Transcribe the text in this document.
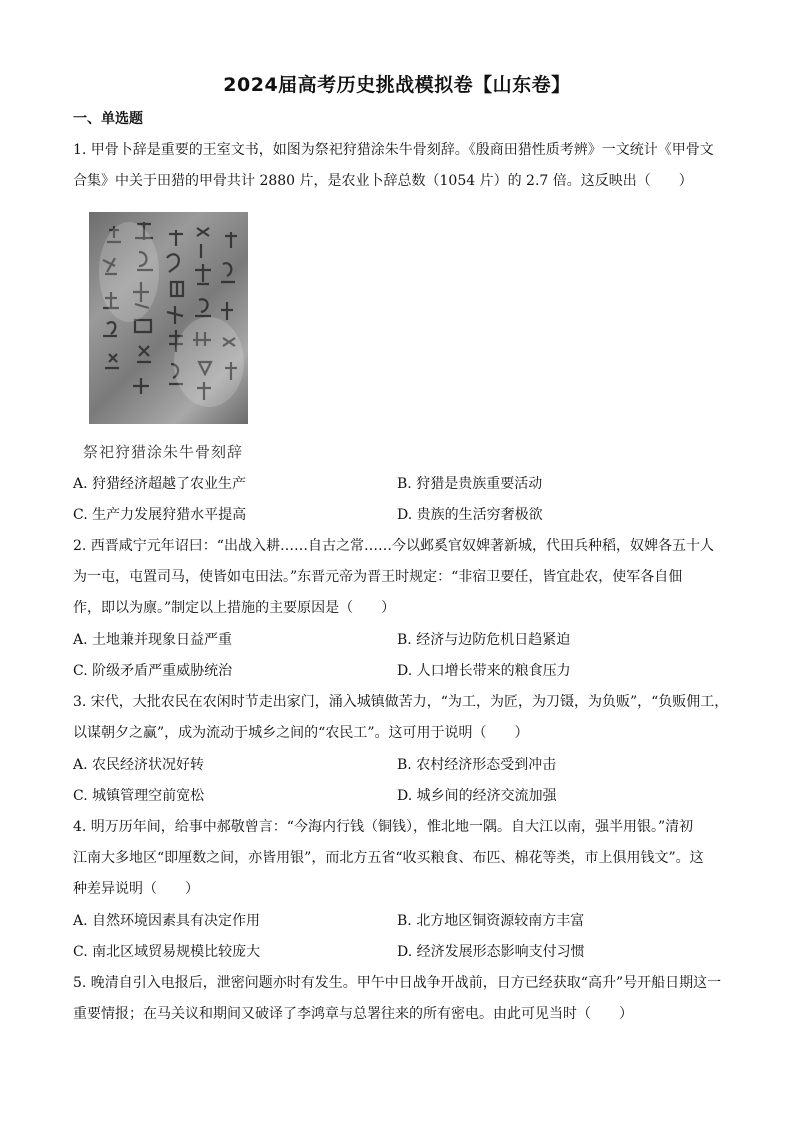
2024届高考历史挑战模拟卷【山东卷】
一、单选题
1. 甲骨卜辞是重要的王室文书，如图为祭祀狩猎涂朱牛骨刻辞。《殷商田猎性质考辨》一文统计《甲骨文
合集》中关于田猎的甲骨共计 2880 片，是农业卜辞总数（1054 片）的 2.7 倍。这反映出（　　）
祭祀狩猎涂朱牛骨刻辞
A. 狩猎经济超越了农业生产	B. 狩猎是贵族重要活动
C. 生产力发展狩猎水平提高	D. 贵族的生活穷奢极欲
2. 西晋咸宁元年诏曰：“出战入耕……自古之常……今以邺奚官奴婢著新城，代田兵种稻，奴婢各五十人
为一屯，屯置司马，使皆如屯田法。”东晋元帝为晋王时规定：“非宿卫要任，皆宜赴农，使军各自佃
作，即以为廪。”制定以上措施的主要原因是（　　）
A. 土地兼并现象日益严重	B. 经济与边防危机日趋紧迫
C. 阶级矛盾严重威胁统治	D. 人口增长带来的粮食压力
3. 宋代，大批农民在农闲时节走出家门，涌入城镇做苦力，“为工，为匠，为刀镊，为负贩”，“负贩佣工，
以谋朝夕之赢”，成为流动于城乡之间的“农民工”。这可用于说明（　　）
A. 农民经济状况好转	B. 农村经济形态受到冲击
C. 城镇管理空前宽松	D. 城乡间的经济交流加强
4. 明万历年间，给事中郝敬曾言：“今海内行钱（铜钱），惟北地一隅。自大江以南，强半用银。”清初
江南大多地区“即厘数之间，亦皆用银”，而北方五省“收买粮食、布匹、棉花等类，市上俱用钱文”。这
种差异说明（　　）
A. 自然环境因素具有决定作用	B. 北方地区铜资源较南方丰富
C. 南北区域贸易规模比较庞大	D. 经济发展形态影响支付习惯
5. 晚清自引入电报后，泄密问题亦时有发生。甲午中日战争开战前，日方已经获取“高升”号开船日期这一
重要情报；在马关议和期间又破译了李鸿章与总署往来的所有密电。由此可见当时（　　）
